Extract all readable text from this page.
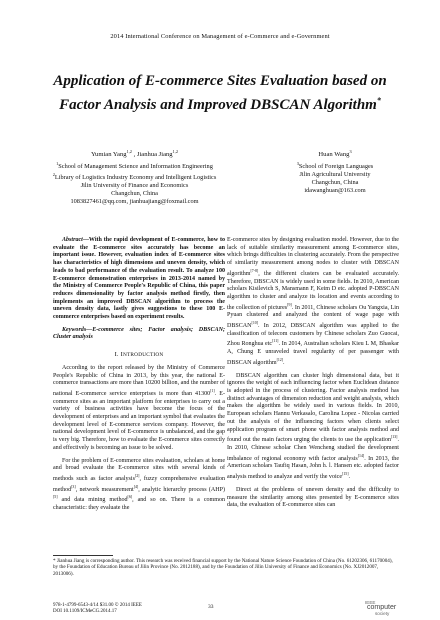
2014 International Conference on Management of e-Commerce and e-Government
Application of E-commerce Sites Evaluation based on Factor Analysis and Improved DBSCAN Algorithm*
Yumian Yang$^{1,2}$ , Jianhua Jiang$^{1,2}$
$^1$School of Management Science and Information Engineering
$^2$Library of Logistics Industry Economy and Intelligent Logistics
Jilin University of Finance and Economics
Changchun, China
1083827461@qq.com, jianhuajiang@foxmail.com
Huan Wang$^3$
$^3$School of Foreign Languages
Jilin Agricultural University
Changchun, China
idawanghuan@163.com

Abstract—With the rapid development of E-commerce, how to evaluate the E-commerce sites accurately has become an important issue. However, evaluation index of E-commerce sites has characteristics of high dimensions and uneven density, which leads to bad performance of the evaluation result. To analyze 100 E-commerce demonstration enterprises in 2013-2014 named by the Ministry of Commerce People's Republic of China, this paper reduces dimensionality by factor analysis method firstly, then implements an improved DBSCAN algorithm to process the uneven density data, lastly gives suggestions to these 100 E-commerce enterprises based on experiment results.

Keywords—E-commerce sites; Factor analysis; DBSCAN; Cluster analysis

I. INTRODUCTION

According to the report released by the Ministry of Commerce People's Republic of China in 2013, by this year, the national E-commerce transactions are more than 10200 billion, and the number of national E-commerce service enterprises is more than 41300[1]. E-commerce sites as an important platform for enterprises to carry out a variety of business activities have become the focus of the development of enterprises and an important symbol that evaluates the development level of E-commerce services company. However, the national development level of E-commerce is unbalanced, and the gap is very big. Therefore, how to evaluate the E-commerce sites correctly and effectively is becoming an issue to be solved.

For the problem of E-commerce sites evaluation, scholars at home and broad evaluate the E-commerce sites with several kinds of methods such as factor analysis[2], fuzzy comprehensive evaluation method[3], network measurement[4], analytic hierarchy process (AHP)[5] and data mining method[6], and so on. There is a common characteristic: they evaluate the

E-commerce sites by designing evaluation model. However, due to the lack of suitable similarity measurement among E-commerce sites, which brings difficulties in clustering accurately. From the perspective of similarity measurement among nodes to cluster with DBSCAN algorithm[7-8], the different clusters can be evaluated accurately. Therefore, DBSCAN is widely used in some fields. In 2010, American scholars Kisilevich S, Mansmann F, Keim D etc. adopted P-DBSCAN algorithm to cluster and analyze its location and events according to the collection of pictures[9]. In 2011, Chinese scholars Ou Yangxia, Lin Pyuan clustered and analyzed the content of wage page with DBSCAN[10]. In 2012, DBSCAN algorithm was applied to the classification of telecom customers by Chinese scholars Zuo Guocai, Zhou Ronghua etc[11]. In 2014, Australian scholars Kieu L M, Bhaskar A, Chung E unraveled travel regularity of per passenger with DBSCAN algorithm[12].

DBSCAN algorithm can cluster high dimensional data, but it ignores the weight of each influencing factor when Euclidean distance is adopted in the process of clustering. Factor analysis method has distinct advantages of dimension reduction and weight analysis, which makes the algorithm be widely used in various fields. In 2010, European scholars Hannu Verkasalo, Carolina Lopez - Nicolas carried out the analysis of the influencing factors when clients select application program of smart phone with factor analysis method and found out the main factors urging the clients to use the application[13]. In 2010, Chinese scholar Chen Wencheng studied the development imbalance of regional economy with factor analysis[14]. In 2013, the American scholars Taufiq Hasan, John h. l. Hansen etc. adopted factor analysis method to analyze and verify the voice[15].

Direct at the problems of uneven density and the difficulty to measure the similarity among sites presented by E-commerce sites data, the evaluation of E-commerce sites can

* Jianhua Jiang is corresponding author. This research was received financial support by the National Nature Science Foundation of China (No. 61202306, 61170004), by the Foundation of Education Bureau of Jilin Province (No. 2012188), and by the Foundation of Jilin University of Finance and Economics (No. XJ2012007, 2013006).

978-1-4799-6543-4/14 $31.00 © 2014 IEEE
DOI 10.1109/ICMeCG.2014.17
33
IEEE
computer
society
